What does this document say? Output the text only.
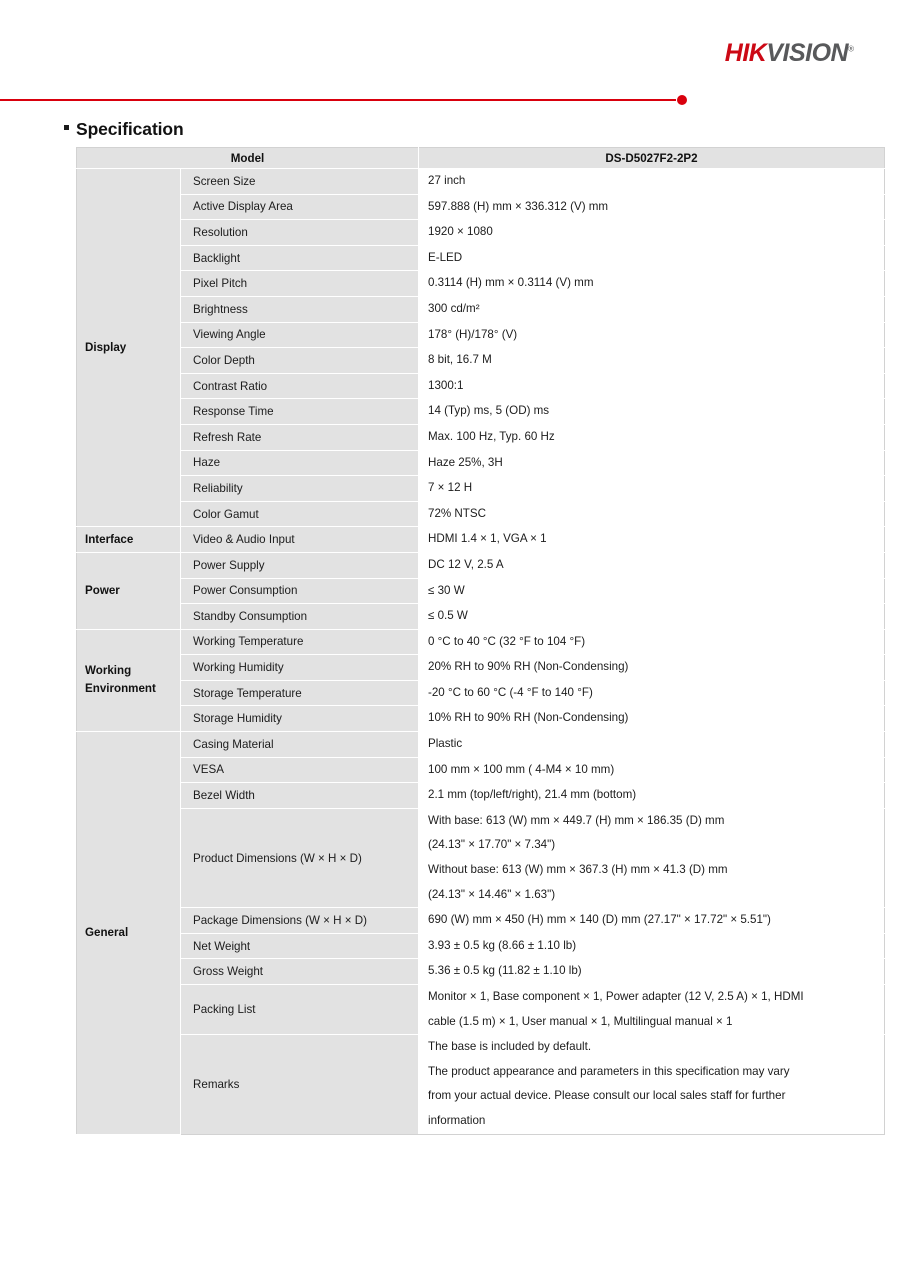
HIKVISION®
Specification
Model		DS-D5027F2-2P2

Display	Screen Size	27 inch

	Active Display Area	597.888 (H) mm × 336.312 (V) mm

	Resolution	1920 × 1080

	Backlight	E-LED

	Pixel Pitch	0.3114 (H) mm × 0.3114 (V) mm

	Brightness	300 cd/m²

	Viewing Angle	178° (H)/178° (V)

	Color Depth	8 bit, 16.7 M

	Contrast Ratio	1300:1

	Response Time	14 (Typ) ms, 5 (OD) ms

	Refresh Rate	Max. 100 Hz, Typ. 60 Hz

	Haze	Haze 25%, 3H

	Reliability	7 × 12 H

	Color Gamut	72% NTSC

Interface	Video & Audio Input	HDMI 1.4 × 1, VGA × 1

Power	Power Supply	DC 12 V, 2.5 A

	Power Consumption	≤ 30 W

	Standby Consumption	≤ 0.5 W

Working
Environment	Working Temperature	0 °C to 40 °C (32 °F to 104 °F)

	Working Humidity	20% RH to 90% RH (Non-Condensing)

	Storage Temperature	-20 °C to 60 °C (-4 °F to 140 °F)

	Storage Humidity	10% RH to 90% RH (Non-Condensing)

General	Casing Material	Plastic

	VESA	100 mm × 100 mm ( 4-M4 × 10 mm)

	Bezel Width	2.1 mm (top/left/right), 21.4 mm (bottom)

	Product Dimensions (W × H × D)	With base: 613 (W) mm × 449.7 (H) mm × 186.35 (D) mm
(24.13" × 17.70" × 7.34")
Without base: 613 (W) mm × 367.3 (H) mm × 41.3 (D) mm
(24.13" × 14.46" × 1.63")

	Package Dimensions (W × H × D)	690 (W) mm × 450 (H) mm × 140 (D) mm (27.17" × 17.72" × 5.51")

	Net Weight	3.93 ± 0.5 kg (8.66 ± 1.10 lb)

	Gross Weight	5.36 ± 0.5 kg (11.82 ± 1.10 lb)

	Packing List	Monitor × 1, Base component × 1, Power adapter (12 V, 2.5 A) × 1, HDMI
cable (1.5 m) × 1, User manual × 1, Multilingual manual × 1

	Remarks	The base is included by default.
The product appearance and parameters in this specification may vary
from your actual device. Please consult our local sales staff for further
information
